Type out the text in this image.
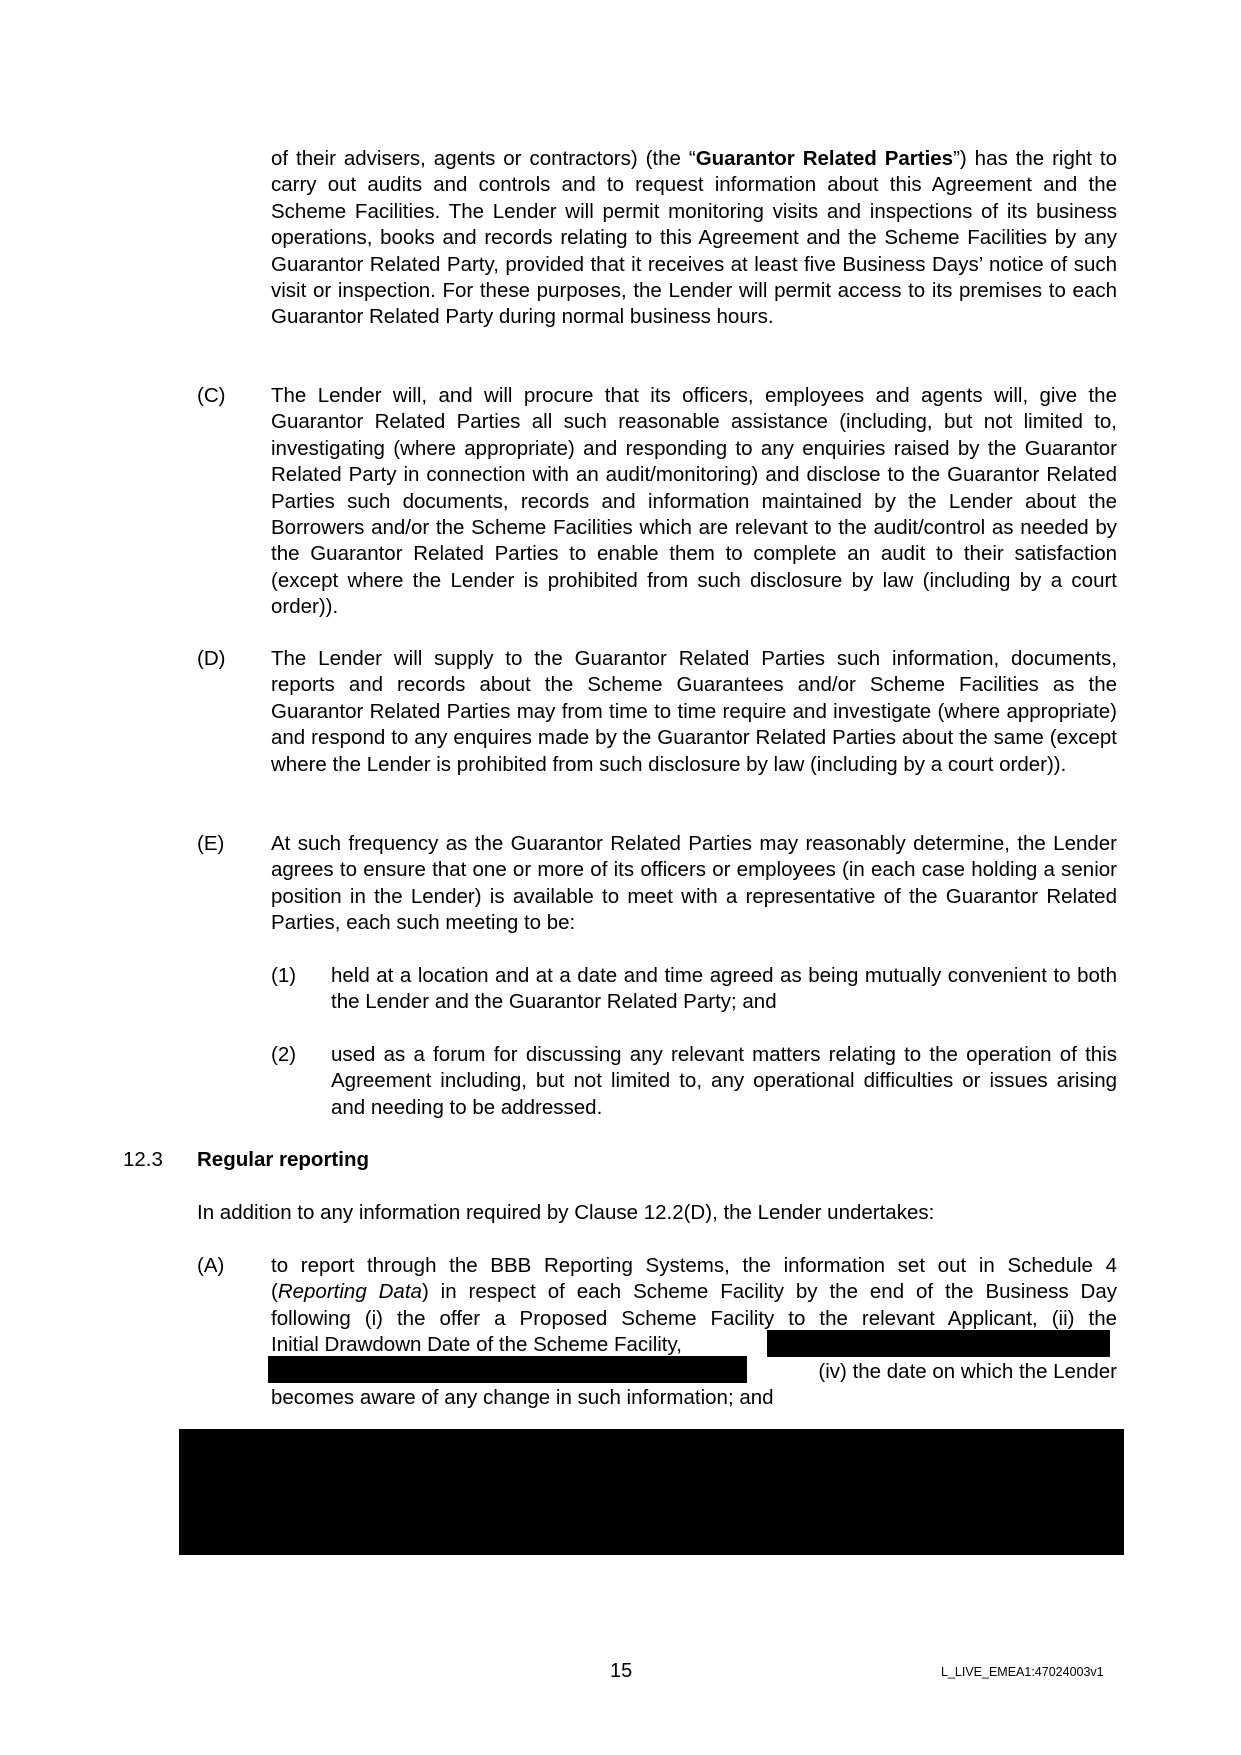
of their advisers, agents or contractors) (the “Guarantor Related Parties”) has the right to carry out audits and controls and to request information about this Agreement and the Scheme Facilities. The Lender will permit monitoring visits and inspections of its business operations, books and records relating to this Agreement and the Scheme Facilities by any Guarantor Related Party, provided that it receives at least five Business Days’ notice of such visit or inspection. For these purposes, the Lender will permit access to its premises to each Guarantor Related Party during normal business hours.

(C) The Lender will, and will procure that its officers, employees and agents will, give the Guarantor Related Parties all such reasonable assistance (including, but not limited to, investigating (where appropriate) and responding to any enquiries raised by the Guarantor Related Party in connection with an audit/monitoring) and disclose to the Guarantor Related Parties such documents, records and information maintained by the Lender about the Borrowers and/or the Scheme Facilities which are relevant to the audit/control as needed by the Guarantor Related Parties to enable them to complete an audit to their satisfaction (except where the Lender is prohibited from such disclosure by law (including by a court order)).

(D) The Lender will supply to the Guarantor Related Parties such information, documents, reports and records about the Scheme Guarantees and/or Scheme Facilities as the Guarantor Related Parties may from time to time require and investigate (where appropriate) and respond to any enquires made by the Guarantor Related Parties about the same (except where the Lender is prohibited from such disclosure by law (including by a court order)).

(E) At such frequency as the Guarantor Related Parties may reasonably determine, the Lender agrees to ensure that one or more of its officers or employees (in each case holding a senior position in the Lender) is available to meet with a representative of the Guarantor Related Parties, each such meeting to be:

(1) held at a location and at a date and time agreed as being mutually convenient to both the Lender and the Guarantor Related Party; and

(2) used as a forum for discussing any relevant matters relating to the operation of this Agreement including, but not limited to, any operational difficulties or issues arising and needing to be addressed.

12.3 Regular reporting
In addition to any information required by Clause 12.2(D), the Lender undertakes:
(A) to report through the BBB Reporting Systems, the information set out in Schedule 4

(Reporting Data) in respect of each Scheme Facility by the end of the Business Day

following (i) the offer a Proposed Scheme Facility to the relevant Applicant, (ii) the

Initial Drawdown Date of the Scheme Facility,

(iv) the date on which the Lender

becomes aware of any change in such information; and

15	L_LIVE_EMEA1:47024003v1
